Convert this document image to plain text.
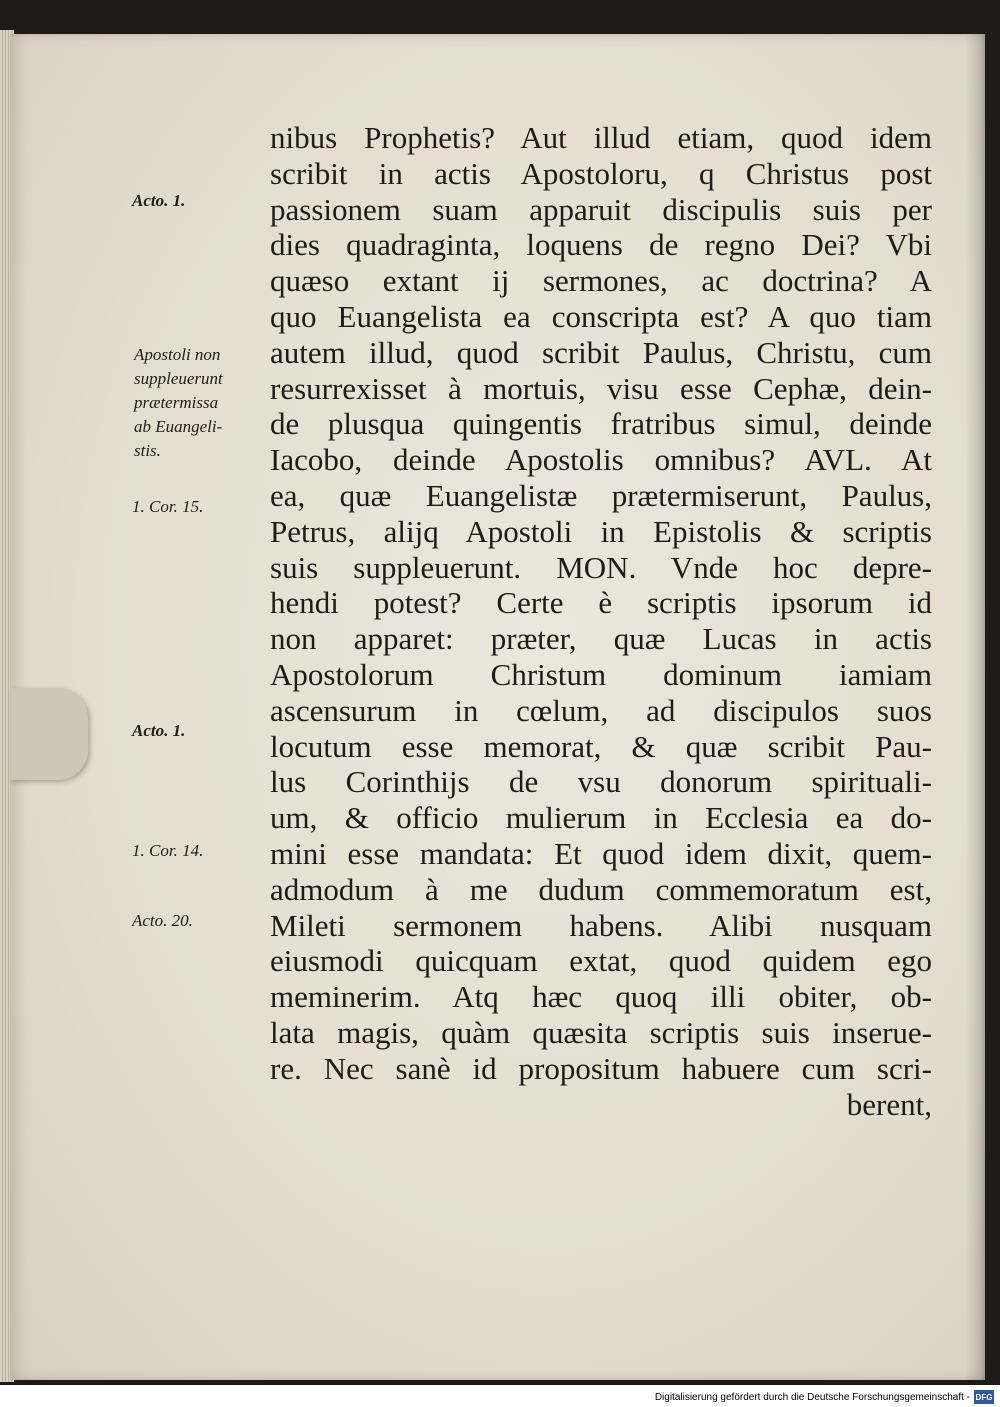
Acto. 1.
Apostoli non
suppleuerunt
prætermissa
ab Euangeli-
stis.
1. Cor. 15.
Acto. 1.
1. Cor. 14.
Acto. 20.
nibus Prophetis? Aut illud etiam, quod idem
scribit in actis Apostoloru, q Christus post
passionem suam apparuit discipulis suis per
dies quadraginta, loquens de regno Dei? Vbi
quæso extant ij sermones, ac doctrina? A
quo Euangelista ea conscripta est? A quo tiam
autem illud, quod scribit Paulus, Christu, cum
resurrexisset à mortuis, visu esse Cephæ, dein-
de plusqua quingentis fratribus simul, deinde
Iacobo, deinde Apostolis omnibus? AVL. At
ea, quæ Euangelistæ prætermiserunt, Paulus,
Petrus, alijq Apostoli in Epistolis & scriptis
suis suppleuerunt. MON. Vnde hoc depre-
hendi potest? Certe è scriptis ipsorum id
non apparet: præter, quæ Lucas in actis
Apostolorum Christum dominum iamiam
ascensurum in cœlum, ad discipulos suos
locutum esse memorat, & quæ scribit Pau-
lus Corinthijs de vsu donorum spirituali-
um, & officio mulierum in Ecclesia ea do-
mini esse mandata: Et quod idem dixit, quem-
admodum à me dudum commemoratum est,
Mileti sermonem habens. Alibi nusquam
eiusmodi quicquam extat, quod quidem ego
meminerim. Atq hæc quoq illi obiter, ob-
lata magis, quàm quæsita scriptis suis inserue-
re. Nec sanè id propositum habuere cum scri-
berent,
Digitalisierung gefördert durch die Deutsche Forschungsgemeinschaft - DFG
